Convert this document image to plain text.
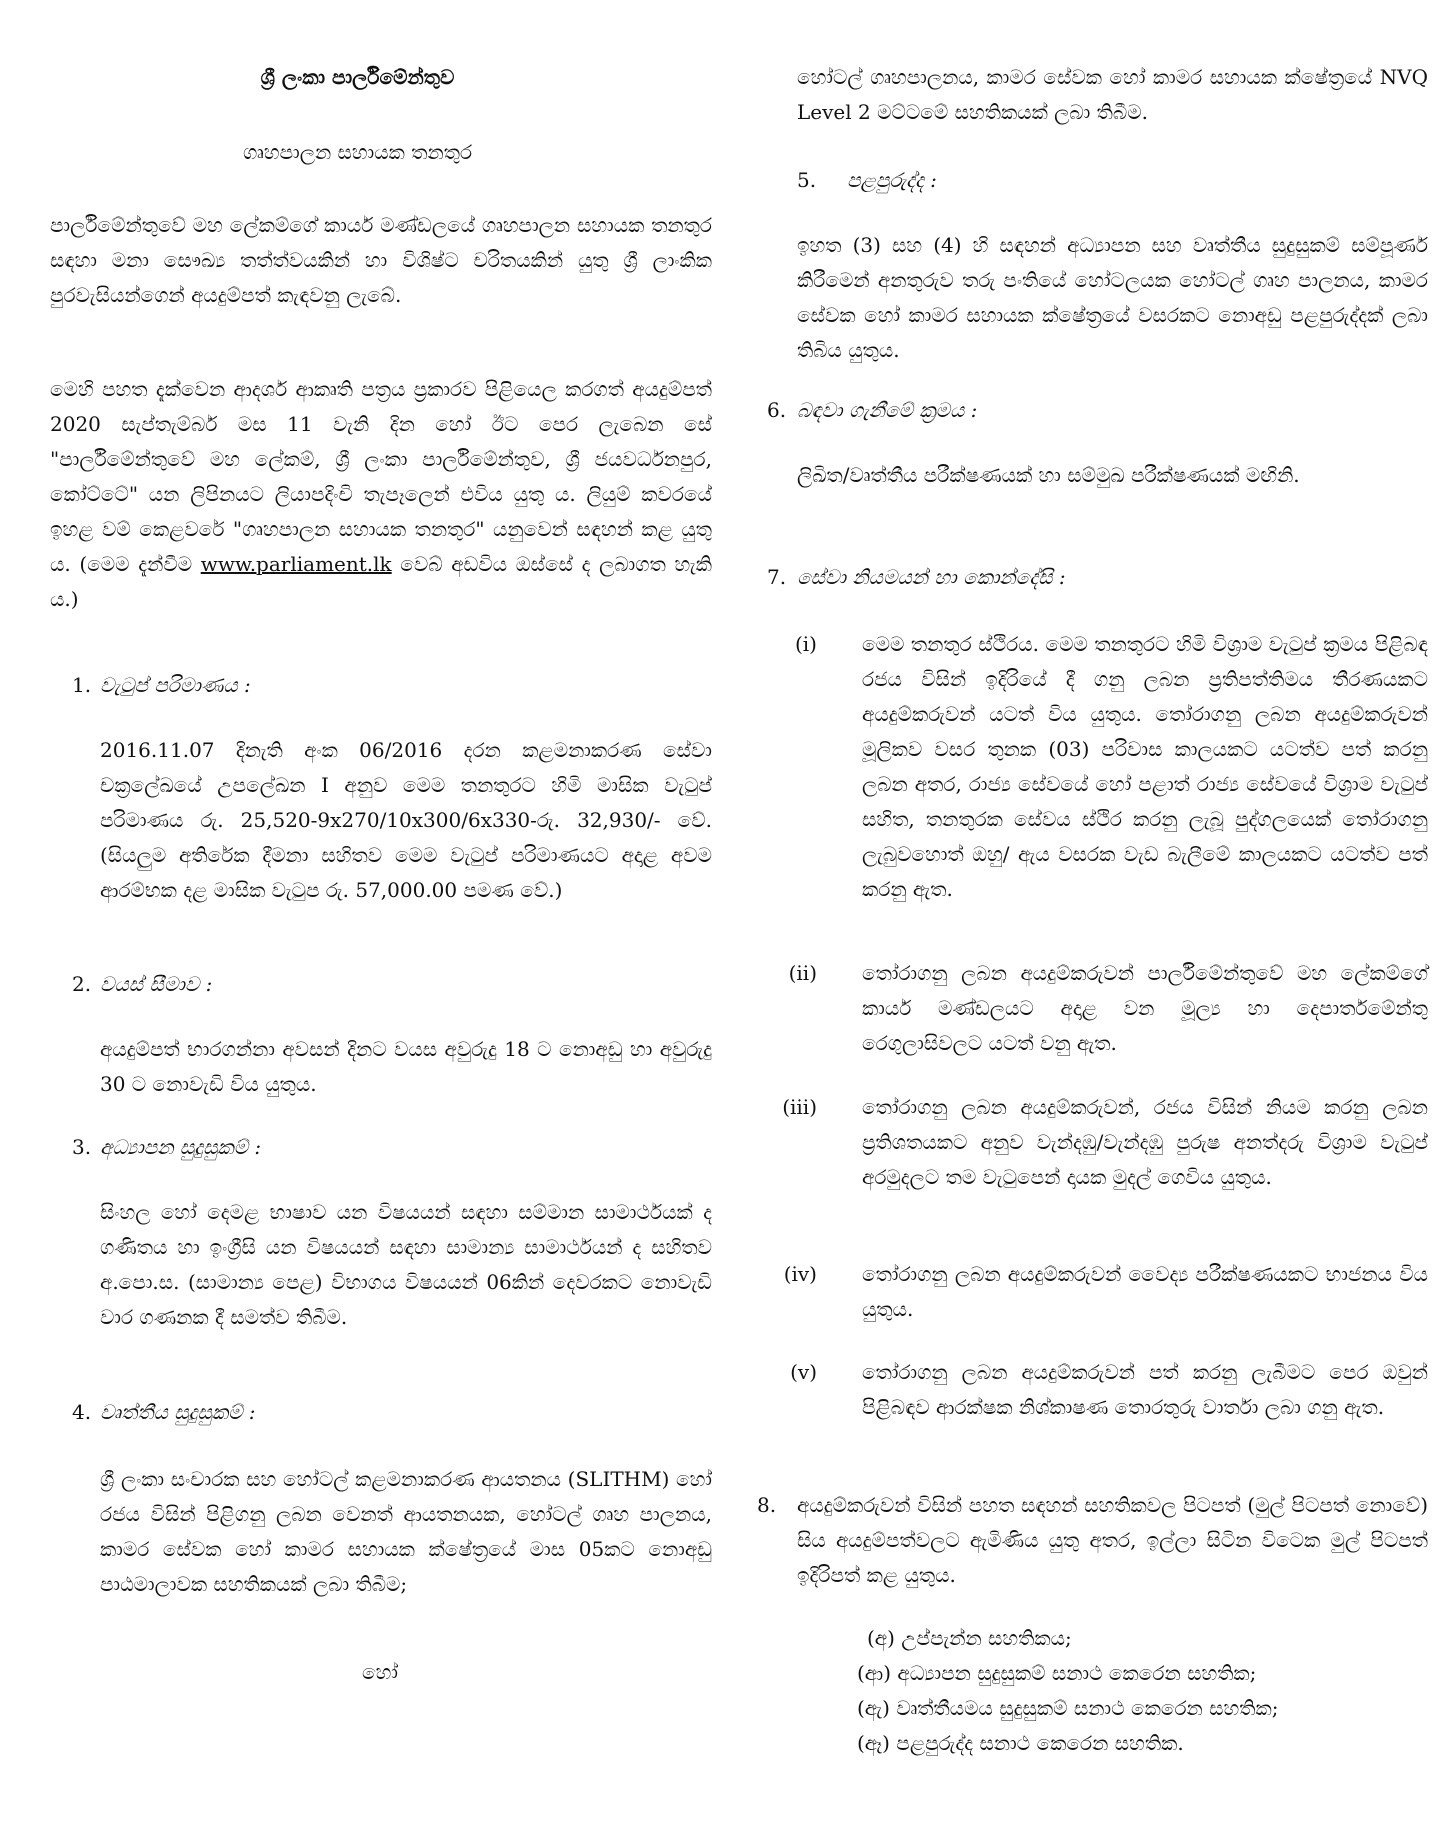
ශ්‍රී ලංකා පාර්ලිමේන්තුව

ගෘහපාලන සහායක තනතුර

පාර්ලිමේන්තුවේ මහ ලේකම්ගේ කාර්ය මණ්ඩලයේ ගෘහපාලන සහායක තනතුර සඳහා මනා සෞඛ්‍ය තත්ත්වයකින් හා විශිෂ්ට චරිතයකින් යුතු ශ්‍රී ලාංකික පුරවැසියන්ගෙන් අයදුම්පත් කැඳවනු ලැබේ.

මෙහි පහත දැක්වෙන ආදර්ශ ආකෘති පත්‍රය ප්‍රකාරව පිළියෙල කරගත් අයදුම්පත් 2020 සැප්තැම්බර් මස 11 වැනි දින හෝ ඊට පෙර ලැබෙන සේ "පාර්ලිමේන්තුවේ මහ ලේකම්, ශ්‍රී ලංකා පාර්ලිමේන්තුව, ශ්‍රී ජයවර්ධනපුර, කෝට්ටේ" යන ලිපිනයට ලියාපදිංචි තැපෑලෙන් එවිය යුතු ය. ලියුම් කවරයේ ඉහළ වම් කෙළවරේ "ගෘහපාලන සහායක තනතුර" යනුවෙන් සඳහන් කළ යුතු ය. (මෙම දැන්වීම www.parliament.lk වෙබ් අඩවිය ඔස්සේ ද ලබාගත හැකි ය.)

1. වැටුප් පරිමාණය :

2016.11.07 දිනැති අංක 06/2016 දරන කළමනාකරණ සේවා චක්‍රලේඛයේ උපලේඛන I අනුව මෙම තනතුරට හිමි මාසික වැටුප් පරිමාණය රු. 25,520-9x270/10x300/6x330-රු. 32,930/- වේ. (සියලුම අතිරේක දීමනා සහිතව මෙම වැටුප් පරිමාණයට අදාළ අවම ආරම්භක දළ මාසික වැටුප රු. 57,000.00 පමණ වේ.)

2. වයස් සීමාව :

අයදුම්පත් භාරගන්නා අවසන් දිනට වයස අවුරුදු 18 ට නොඅඩු හා අවුරුදු 30 ට නොවැඩි විය යුතුය.

3. අධ්‍යාපන සුදුසුකම් :

සිංහල හෝ දෙමළ භාෂාව යන විෂයයන් සඳහා සම්මාන සාමාර්ථයක් ද ගණිතය හා ඉංග්‍රීසි යන විෂයයන් සඳහා සාමාන්‍ය සාමාර්ථයන් ද සහිතව අ.පො.ස. (සාමාන්‍ය පෙළ) විභාගය විෂයයන් 06කින් දෙවරකට නොවැඩි වාර ගණනක දී සමත්ව තිබීම.

4. වෘත්තීය සුදුසුකම් :

ශ්‍රී ලංකා සංචාරක සහ හෝටල් කළමනාකරණ ආයතනය (SLITHM) හෝ රජය විසින් පිළිගනු ලබන වෙනත් ආයතනයක, හෝටල් ගෘහ පාලනය, කාමර සේවක හෝ කාමර සහායක ක්ෂේත්‍රයේ මාස 05කට නොඅඩු පාඨමාලාවක සහතිකයක් ලබා තිබීම;

හෝ

හෝටල් ගෘහපාලනය, කාමර සේවක හෝ කාමර සහායක ක්ෂේත්‍රයේ NVQ Level 2 මට්ටමේ සහතිකයක් ලබා තිබීම.

5. පළපුරුද්ද :

ඉහත (3) සහ (4) හි සඳහන් අධ්‍යාපන සහ වෘත්තීය සුදුසුකම් සම්පූර්ණ කිරීමෙන් අනතුරුව තරු පංතියේ හෝටලයක හෝටල් ගෘහ පාලනය, කාමර සේවක හෝ කාමර සහායක ක්ෂේත්‍රයේ වසරකට නොඅඩු පළපුරුද්දක් ලබා තිබිය යුතුය.

6. බඳවා ගැනීමේ ක්‍රමය :

ලිඛිත/වෘත්තීය පරීක්ෂණයක් හා සම්මුඛ පරීක්ෂණයක් මඟිනි.

7. සේවා නියමයන් හා කොන්දේසි :
(i) මෙම තනතුර ස්ථිරය. මෙම තනතුරට හිමි විශ්‍රාම වැටුප් ක්‍රමය පිළිබඳ රජය විසින් ඉදිරියේ දී ගනු ලබන ප්‍රතිපත්තිමය තීරණයකට අයදුම්කරුවන් යටත් විය යුතුය. තෝරාගනු ලබන අයදුම්කරුවන් මූලිකව වසර තුනක (03) පරිවාස කාලයකට යටත්ව පත් කරනු ලබන අතර, රාජ්‍ය සේවයේ හෝ පළාත් රාජ්‍ය සේවයේ විශ්‍රාම වැටුප් සහිත, තනතුරක සේවය ස්ථිර කරනු ලැබූ පුද්ගලයෙක් තෝරාගනු ලැබුවහොත් ඔහු/ ඇය වසරක වැඩ බැලීමේ කාලයකට යටත්ව පත් කරනු ඇත.

(ii) තෝරාගනු ලබන අයදුම්කරුවන් පාර්ලිමේන්තුවේ මහ ලේකම්ගේ කාර්ය මණ්ඩලයට අදාළ වන මූල්‍ය හා දෙපාර්තමේන්තු රෙගුලාසිවලට යටත් වනු ඇත.

(iii) තෝරාගනු ලබන අයදුම්කරුවන්, රජය විසින් නියම කරනු ලබන ප්‍රතිශතයකට අනුව වැන්දඹු/වැන්දඹු පුරුෂ අනත්දරු විශ්‍රාම වැටුප් අරමුදලට තම වැටුපෙන් දායක මුදල් ගෙවිය යුතුය.

(iv) තෝරාගනු ලබන අයදුම්කරුවන් වෛද්‍ය පරීක්ෂණයකට භාජනය විය යුතුය.

(v) තෝරාගනු ලබන අයදුම්කරුවන් පත් කරනු ලැබීමට පෙර ඔවුන් පිළිබඳව ආරක්ෂක නිශ්කාෂණ තොරතුරු වාර්තා ලබා ගනු ඇත.

8. අයදුම්කරුවන් විසින් පහත සඳහන් සහතිකවල පිටපත් (මුල් පිටපත් නොවේ) සිය අයදුම්පත්වලට ඇමිණිය යුතු අතර, ඉල්ලා සිටින විටෙක මුල් පිටපත් ඉදිරිපත් කළ යුතුය.

(අ) උප්පැන්න සහතිකය;
(ආ) අධ්‍යාපන සුදුසුකම් සනාථ කෙරෙන සහතික;
(ඇ) වෘත්තීයමය සුදුසුකම් සනාථ කෙරෙන සහතික;
(ඈ) පළපුරුද්ද සනාථ කෙරෙන සහතික.
